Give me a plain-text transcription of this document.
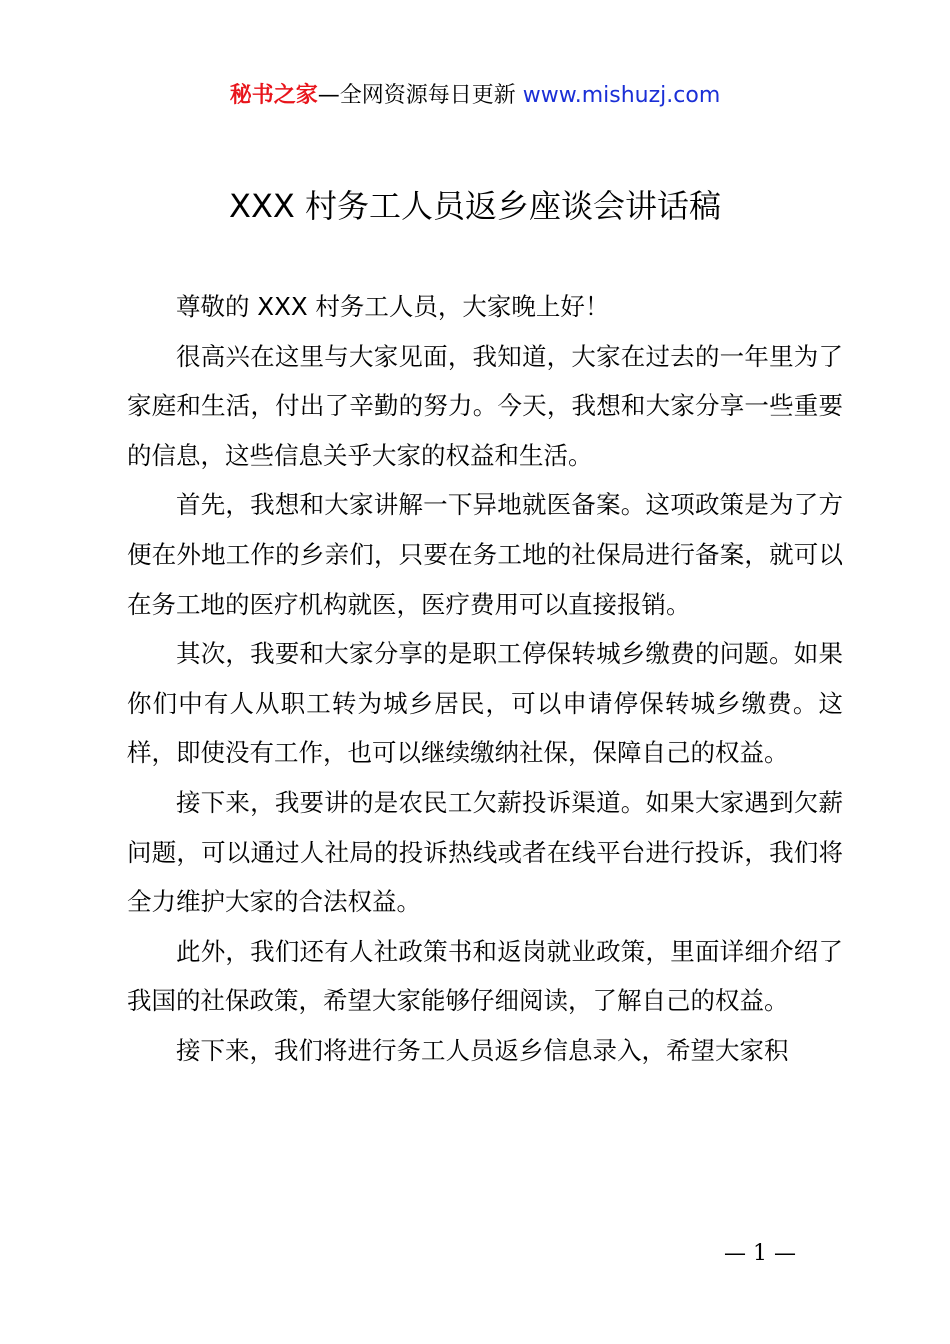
秘书之家—全网资源每日更新 www.mishuzj.com
XXX 村务工人员返乡座谈会讲话稿

尊敬的 XXX 村务工人员，大家晚上好！

很高兴在这里与大家见面，我知道，大家在过去的一年里为了家庭和生活，付出了辛勤的努力。今天，我想和大家分享一些重要的信息，这些信息关乎大家的权益和生活。

首先，我想和大家讲解一下异地就医备案。这项政策是为了方便在外地工作的乡亲们，只要在务工地的社保局进行备案，就可以在务工地的医疗机构就医，医疗费用可以直接报销。

其次，我要和大家分享的是职工停保转城乡缴费的问题。如果你们中有人从职工转为城乡居民，可以申请停保转城乡缴费。这样，即使没有工作，也可以继续缴纳社保，保障自己的权益。

接下来，我要讲的是农民工欠薪投诉渠道。如果大家遇到欠薪问题，可以通过人社局的投诉热线或者在线平台进行投诉，我们将全力维护大家的合法权益。

此外，我们还有人社政策书和返岗就业政策，里面详细介绍了我国的社保政策，希望大家能够仔细阅读，了解自己的权益。

接下来，我们将进行务工人员返乡信息录入，希望大家积

— 1 —
